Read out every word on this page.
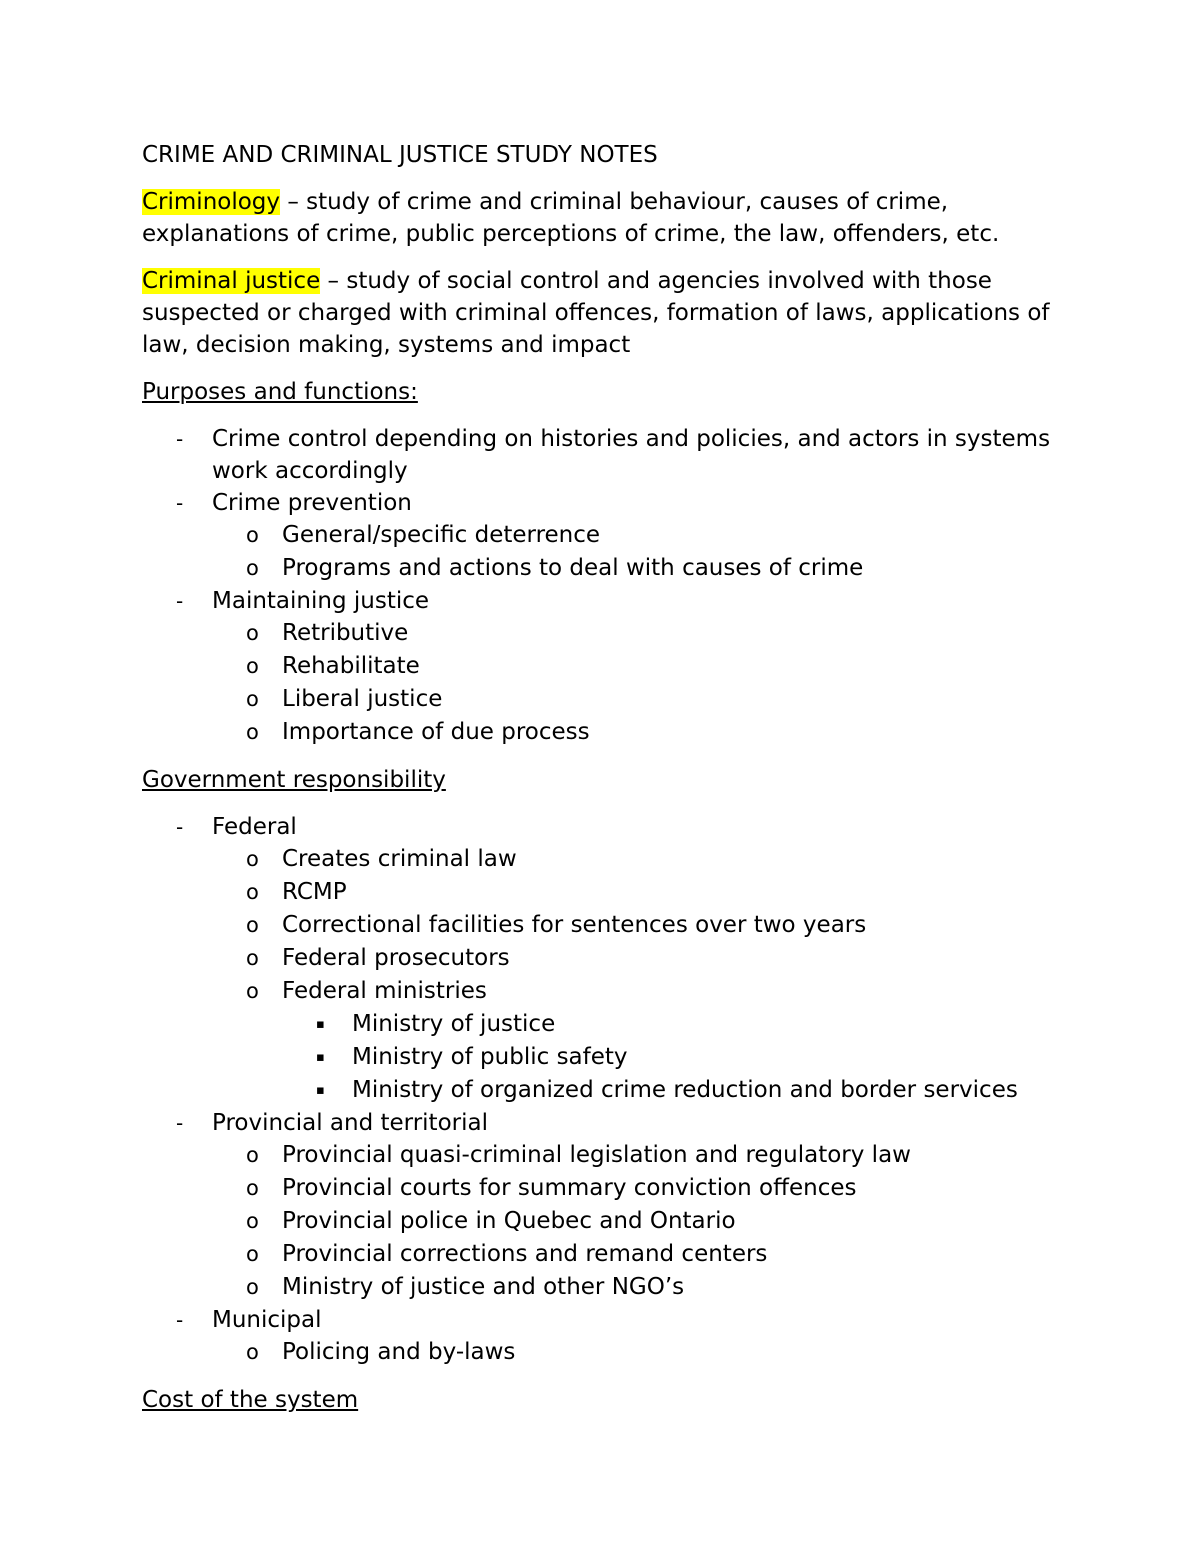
CRIME AND CRIMINAL JUSTICE STUDY NOTES

Criminology – study of crime and criminal behaviour, causes of crime, explanations of crime, public perceptions of crime, the law, offenders, etc.

Criminal justice – study of social control and agencies involved with those suspected or charged with criminal offences, formation of laws, applications of law, decision making, systems and impact

Purposes and functions:

- Crime control depending on histories and policies, and actors in systems work accordingly
- Crime prevention
o General/specific deterrence
o Programs and actions to deal with causes of crime
- Maintaining justice
o Retributive
o Rehabilitate
o Liberal justice
o Importance of due process

Government responsibility

- Federal
o Creates criminal law
o RCMP
o Correctional facilities for sentences over two years
o Federal prosecutors
o Federal ministries
▪ Ministry of justice
▪ Ministry of public safety
▪ Ministry of organized crime reduction and border services
- Provincial and territorial
o Provincial quasi-criminal legislation and regulatory law
o Provincial courts for summary conviction offences
o Provincial police in Quebec and Ontario
o Provincial corrections and remand centers
o Ministry of justice and other NGO’s
- Municipal
o Policing and by-laws

Cost of the system
